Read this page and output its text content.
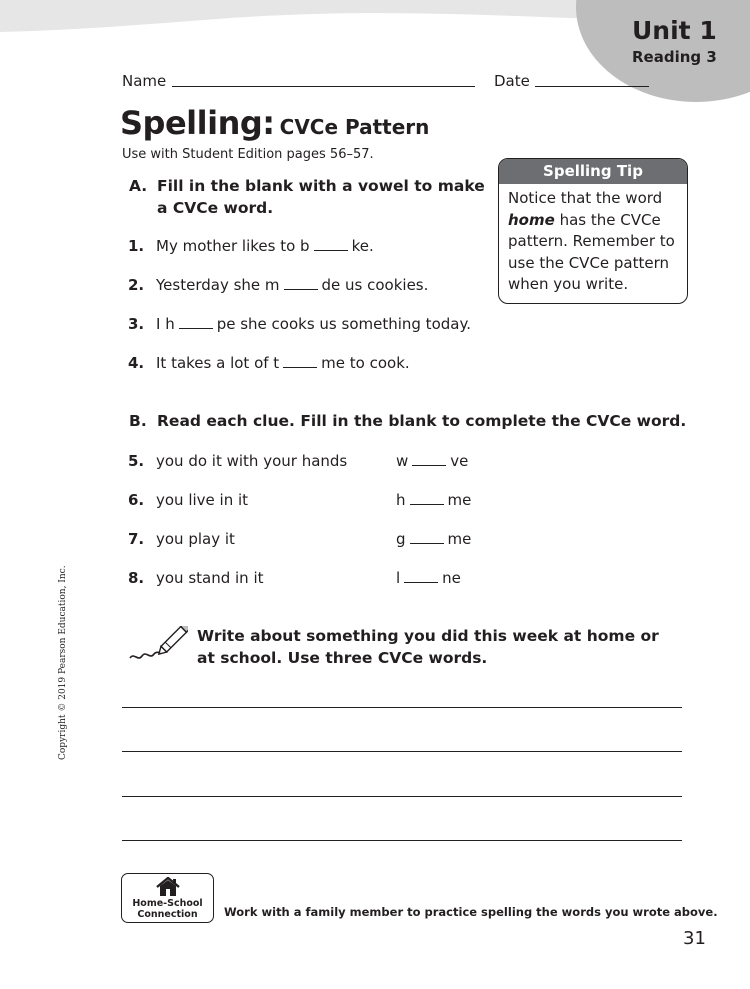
Unit 1
Reading 3
Name	Date
Spelling: CVCe Pattern
Use with Student Edition pages 56–57.
Spelling Tip
Notice that the word
home has the CVCe
pattern. Remember to
use the CVCe pattern
when you write.
A. Fill in the blank with a vowel to make a CVCe word.
1. My mother likes to b	ke.
2. Yesterday she m	de us cookies.
3. I h	pe she cooks us something today.
4. It takes a lot of t	me to cook.
B. Read each clue. Fill in the blank to complete the CVCe word.
5. you do it with your hands	w	ve
6. you live in it	h	me
7. you play it	g	me
8. you stand in it	l	ne
Write about something you did this week at home or at school. Use three CVCe words.
Copyright © 2019 Pearson Education, Inc.
Home-School
Connection	Work with a family member to practice spelling the words you wrote above.
31
